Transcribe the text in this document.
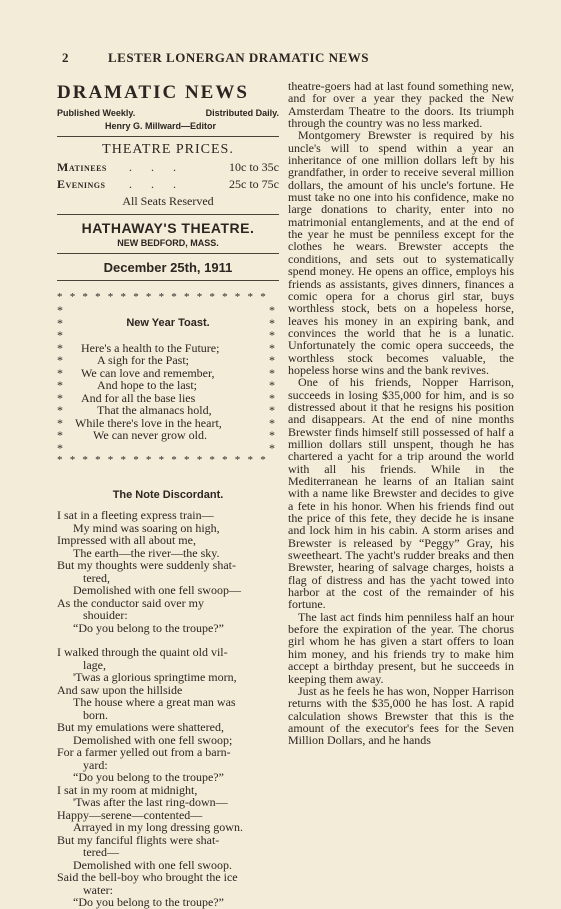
2	LESTER LONERGAN DRAMATIC NEWS
DRAMATIC NEWS
Published Weekly.	Distributed Daily.
Henry G. Millward—Editor
THEATRE PRICES.
Matinees	. . .	10c to 35c
Evenings	. . .	25c to 75c
All Seats Reserved
HATHAWAY'S THEATRE.
NEW BEDFORD, MASS.
December 25th, 1911
*****************
*	*
*	*
New Year Toast.
*	*
*	*
Here's a health to the Future;
*	*
A sigh for the Past;
*	*
We can love and remember,
*	*
And hope to the last;
*	*
And for all the base lies
*	*
That the almanacs hold,
*	*
While there's love in the heart,
*	*
We can never grow old.
*	*
*****************
The Note Discordant.
I sat in a fleeting express train—
My mind was soaring on high,
Impressed with all about me,
The earth—the river—the sky.
But my thoughts were suddenly shat-
tered,
Demolished with one fell swoop—
As the conductor said over my
shouider:
“Do you belong to the troupe?”
I walked through the quaint old vil-
lage,
'Twas a glorious springtime morn,
And saw upon the hillside
The house where a great man was
born.
But my emulations were shattered,
Demolished with one fell swoop;
For a farmer yelled out from a barn-
yard:
“Do you belong to the troupe?”
I sat in my room at midnight,
'Twas after the last ring-down—
Happy—serene—contented—
Arrayed in my long dressing gown.
But my fanciful flights were shat-
tered—
Demolished with one fell swoop.
Said the bell-boy who brought the ice
water:
“Do you belong to the troupe?”

theatre-goers had at last found something new, and for over a year they packed the New Amsterdam Theatre to the doors. Its triumph through the country was no less marked.

Montgomery Brewster is required by his uncle's will to spend within a year an inheritance of one million dollars left by his grandfather, in order to receive several million dollars, the amount of his uncle's fortune. He must take no one into his confidence, make no large donations to charity, enter into no matrimonial entanglements, and at the end of the year he must be penniless except for the clothes he wears. Brewster accepts the conditions, and sets out to systematically spend money. He opens an office, employs his friends as assistants, gives dinners, finances a comic opera for a chorus girl star, buys worthless stock, bets on a hopeless horse, leaves his money in an expiring bank, and convinces the world that he is a lunatic. Unfortunately the comic opera succeeds, the worthless stock becomes valuable, the hopeless horse wins and the bank revives.

One of his friends, Nopper Harrison, succeeds in losing $35,000 for him, and is so distressed about it that he resigns his position and disappears. At the end of nine months Brewster finds himself still possessed of half a million dollars still unspent, though he has chartered a yacht for a trip around the world with all his friends. While in the Mediterranean he learns of an Italian saint with a name like Brewster and decides to give a fete in his honor. When his friends find out the price of this fete, they decide he is insane and lock him in his cabin. A storm arises and Brewster is released by “Peggy” Gray, his sweetheart. The yacht's rudder breaks and then Brewster, hearing of salvage charges, hoists a flag of distress and has the yacht towed into harbor at the cost of the remainder of his fortune.

The last act finds him penniless half an hour before the expiration of the year. The chorus girl whom he has given a start offers to loan him money, and his friends try to make him accept a birthday present, but he succeeds in keeping them away.

Just as he feels he has won, Nopper Harrison returns with the $35,000 he has lost. A rapid calculation shows Brewster that this is the amount of the executor's fees for the Seven Million Dollars, and he hands
